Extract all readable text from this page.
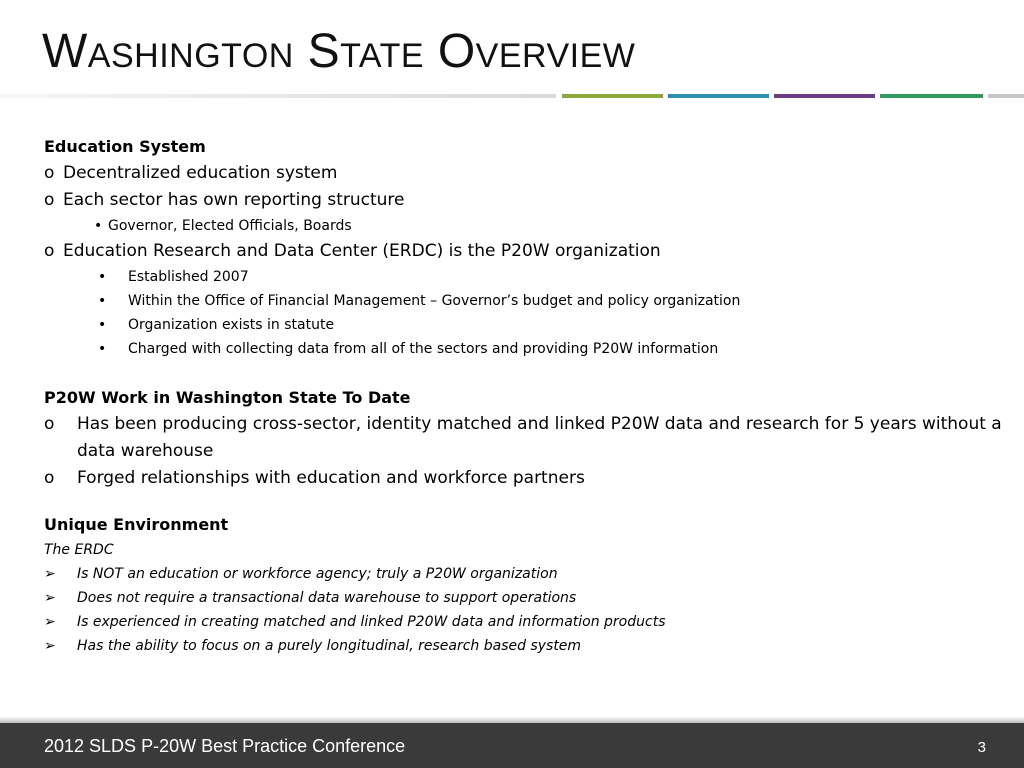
Washington State Overview
Education System
o Decentralized education system
o Each sector has own reporting structure
• Governor, Elected Officials, Boards
o Education Research and Data Center (ERDC) is the P20W organization
• Established 2007
• Within the Office of Financial Management – Governor’s budget and policy organization
• Organization exists in statute
• Charged with collecting data from all of the sectors and providing P20W information
P20W Work in Washington State To Date
o Has been producing cross-sector, identity matched and linked P20W data and research for 5 years without a data warehouse
o Forged relationships with education and workforce partners
Unique Environment
The ERDC
➢ Is NOT an education or workforce agency; truly a P20W organization
➢ Does not require a transactional data warehouse to support operations
➢ Is experienced in creating matched and linked P20W data and information products
➢ Has the ability to focus on a purely longitudinal, research based system
2012 SLDS P-20W Best Practice Conference	3
